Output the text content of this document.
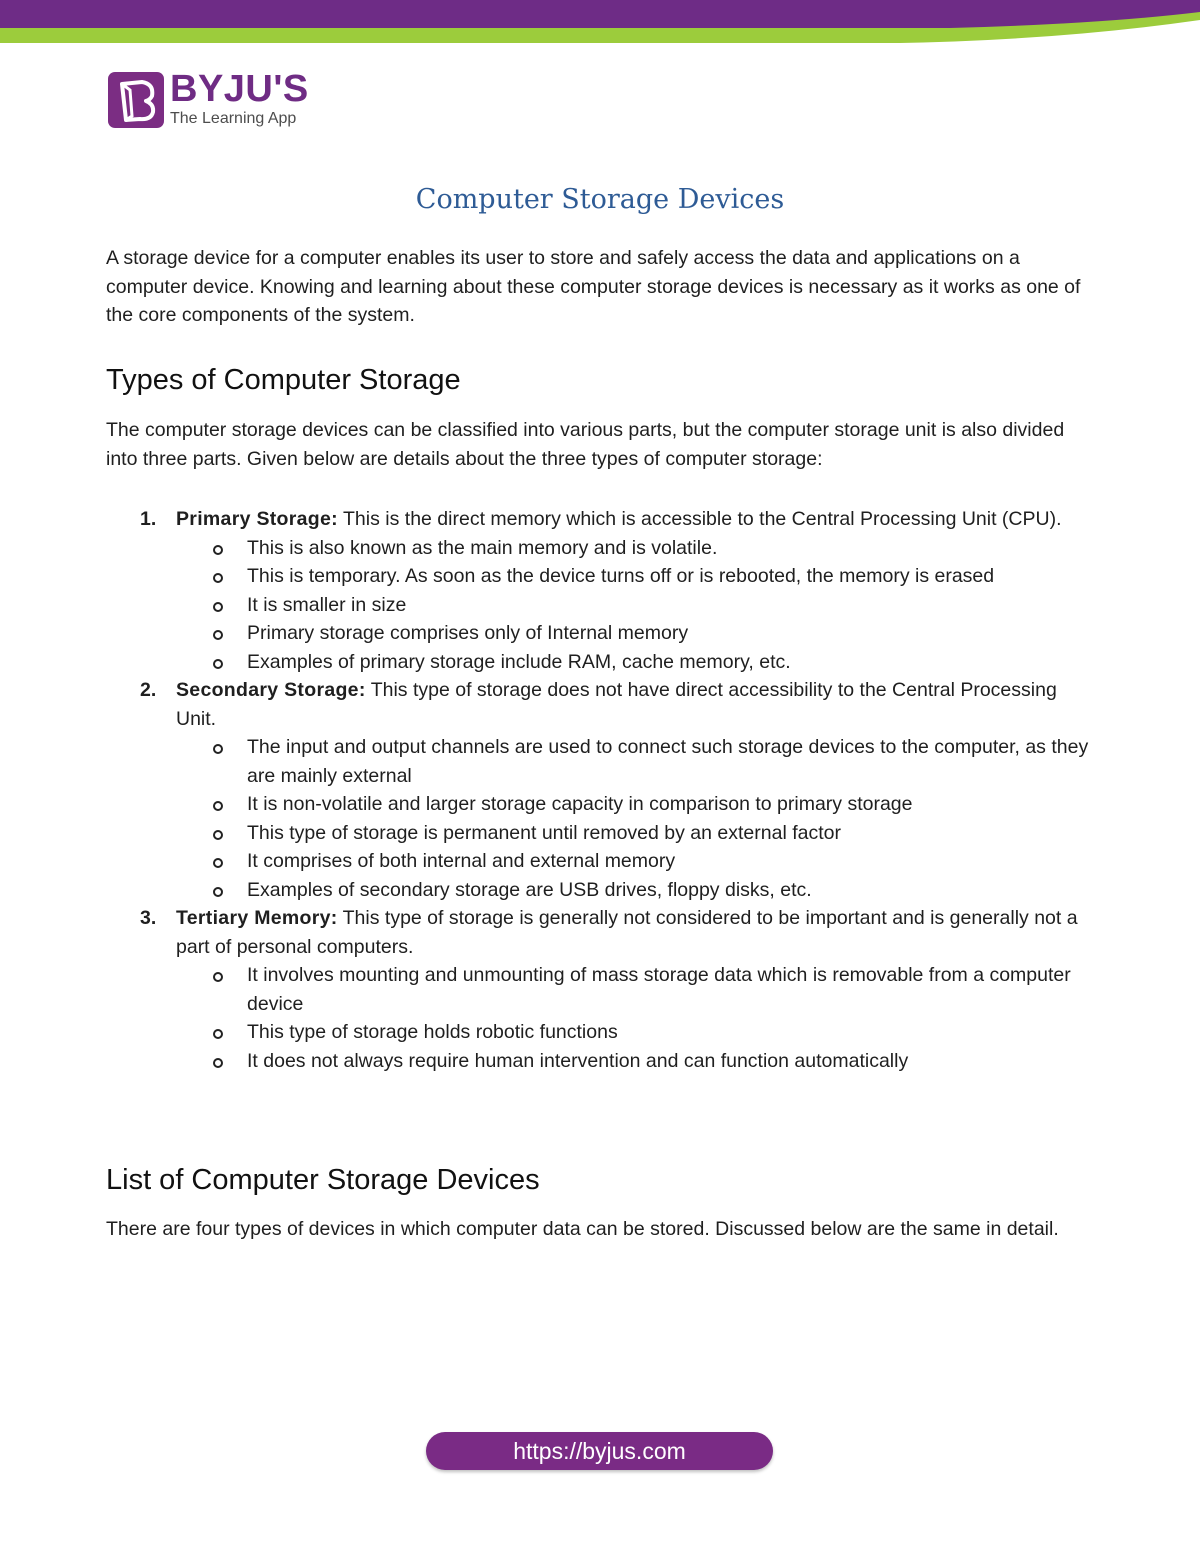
BYJU'S
The Learning App
Computer Storage Devices

A storage device for a computer enables its user to store and safely access the data and applications on a computer device. Knowing and learning about these computer storage devices is necessary as it works as one of the core components of the system.

Types of Computer Storage

The computer storage devices can be classified into various parts, but the computer storage unit is also divided into three parts. Given below are details about the three types of computer storage:

1. Primary Storage: This is the direct memory which is accessible to the Central Processing Unit (CPU).
This is also known as the main memory and is volatile.
This is temporary. As soon as the device turns off or is rebooted, the memory is erased
It is smaller in size
Primary storage comprises only of Internal memory
Examples of primary storage include RAM, cache memory, etc.
2. Secondary Storage: This type of storage does not have direct accessibility to the Central Processing Unit.
The input and output channels are used to connect such storage devices to the computer, as they are mainly external
It is non-volatile and larger storage capacity in comparison to primary storage
This type of storage is permanent until removed by an external factor
It comprises of both internal and external memory
Examples of secondary storage are USB drives, floppy disks, etc.
3. Tertiary Memory: This type of storage is generally not considered to be important and is generally not a part of personal computers.
It involves mounting and unmounting of mass storage data which is removable from a computer device
This type of storage holds robotic functions
It does not always require human intervention and can function automatically
List of Computer Storage Devices

There are four types of devices in which computer data can be stored. Discussed below are the same in detail.

https://byjus.com
